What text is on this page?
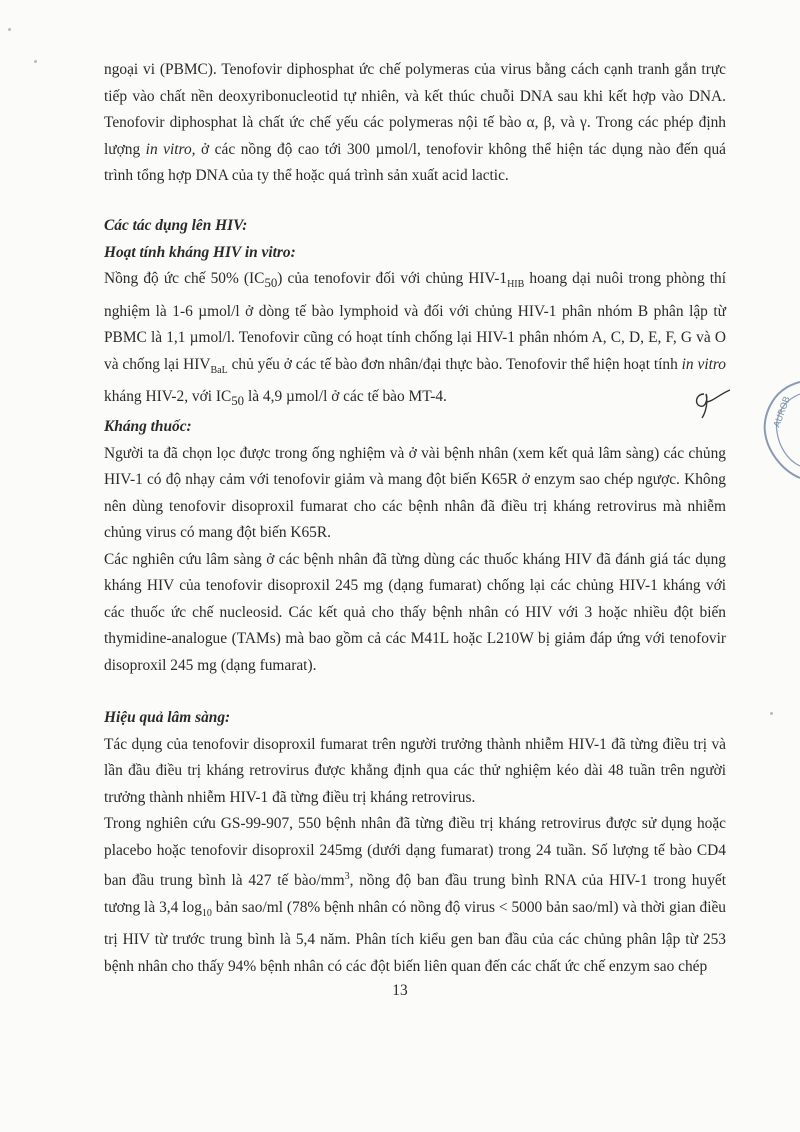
ngoại vi (PBMC). Tenofovir diphosphat ức chế polymeras của virus bằng cách cạnh tranh gắn trực tiếp vào chất nền deoxyribonucleotid tự nhiên, và kết thúc chuỗi DNA sau khi kết hợp vào DNA. Tenofovir diphosphat là chất ức chế yếu các polymeras nội tế bào α, β, và γ. Trong các phép định lượng in vitro, ở các nồng độ cao tới 300 µmol/l, tenofovir không thể hiện tác dụng nào đến quá trình tổng hợp DNA của ty thể hoặc quá trình sản xuất acid lactic.

Các tác dụng lên HIV:
Hoạt tính kháng HIV in vitro:

Nồng độ ức chế 50% $(IC_{50})$ của tenofovir đối với chủng HIV-$1_{HIB}$ hoang dại nuôi trong phòng thí nghiệm là 1-6 µmol/l ở dòng tế bào lymphoid và đối với chủng HIV-1 phân nhóm B phân lập từ PBMC là 1,1 µmol/l. Tenofovir cũng có hoạt tính chống lại HIV-1 phân nhóm A, C, D, E, F, G và O và chống lại $HIV_{BaL}$ chủ yếu ở các tế bào đơn nhân/đại thực bào. Tenofovir thể hiện hoạt tính in vitro kháng HIV-2, với $IC_{50}$ là 4,9 µmol/l ở các tế bào MT-4.

Kháng thuốc:

Người ta đã chọn lọc được trong ống nghiệm và ở vài bệnh nhân (xem kết quả lâm sàng) các chủng HIV-1 có độ nhạy cảm với tenofovir giảm và mang đột biến K65R ở enzym sao chép ngược. Không nên dùng tenofovir disoproxil fumarat cho các bệnh nhân đã điều trị kháng retrovirus mà nhiễm chủng virus có mang đột biến K65R.

Các nghiên cứu lâm sàng ở các bệnh nhân đã từng dùng các thuốc kháng HIV đã đánh giá tác dụng kháng HIV của tenofovir disoproxil 245 mg (dạng fumarat) chống lại các chủng HIV-1 kháng với các thuốc ức chế nucleosid. Các kết quả cho thấy bệnh nhân có HIV với 3 hoặc nhiều đột biến thymidine-analogue (TAMs) mà bao gồm cả các M41L hoặc L210W bị giảm đáp ứng với tenofovir disoproxil 245 mg (dạng fumarat).

Hiệu quả lâm sàng:

Tác dụng của tenofovir disoproxil fumarat trên người trưởng thành nhiễm HIV-1 đã từng điều trị và lần đầu điều trị kháng retrovirus được khẳng định qua các thử nghiệm kéo dài 48 tuần trên người trưởng thành nhiễm HIV-1 đã từng điều trị kháng retrovirus.

Trong nghiên cứu GS-99-907, 550 bệnh nhân đã từng điều trị kháng retrovirus được sử dụng hoặc placebo hoặc tenofovir disoproxil 245mg (dưới dạng fumarat) trong 24 tuần. Số lượng tế bào CD4 ban đầu trung bình là 427 tế bào/$mm^3$, nồng độ ban đầu trung bình RNA của HIV-1 trong huyết tương là 3,4 $\log_{10}$ bản sao/ml (78% bệnh nhân có nồng độ virus < 5000 bản sao/ml) và thời gian điều trị HIV từ trước trung bình là 5,4 năm. Phân tích kiểu gen ban đầu của các chủng phân lập từ 253 bệnh nhân cho thấy 94% bệnh nhân có các đột biến liên quan đến các chất ức chế enzym sao chép

13
AUROB
